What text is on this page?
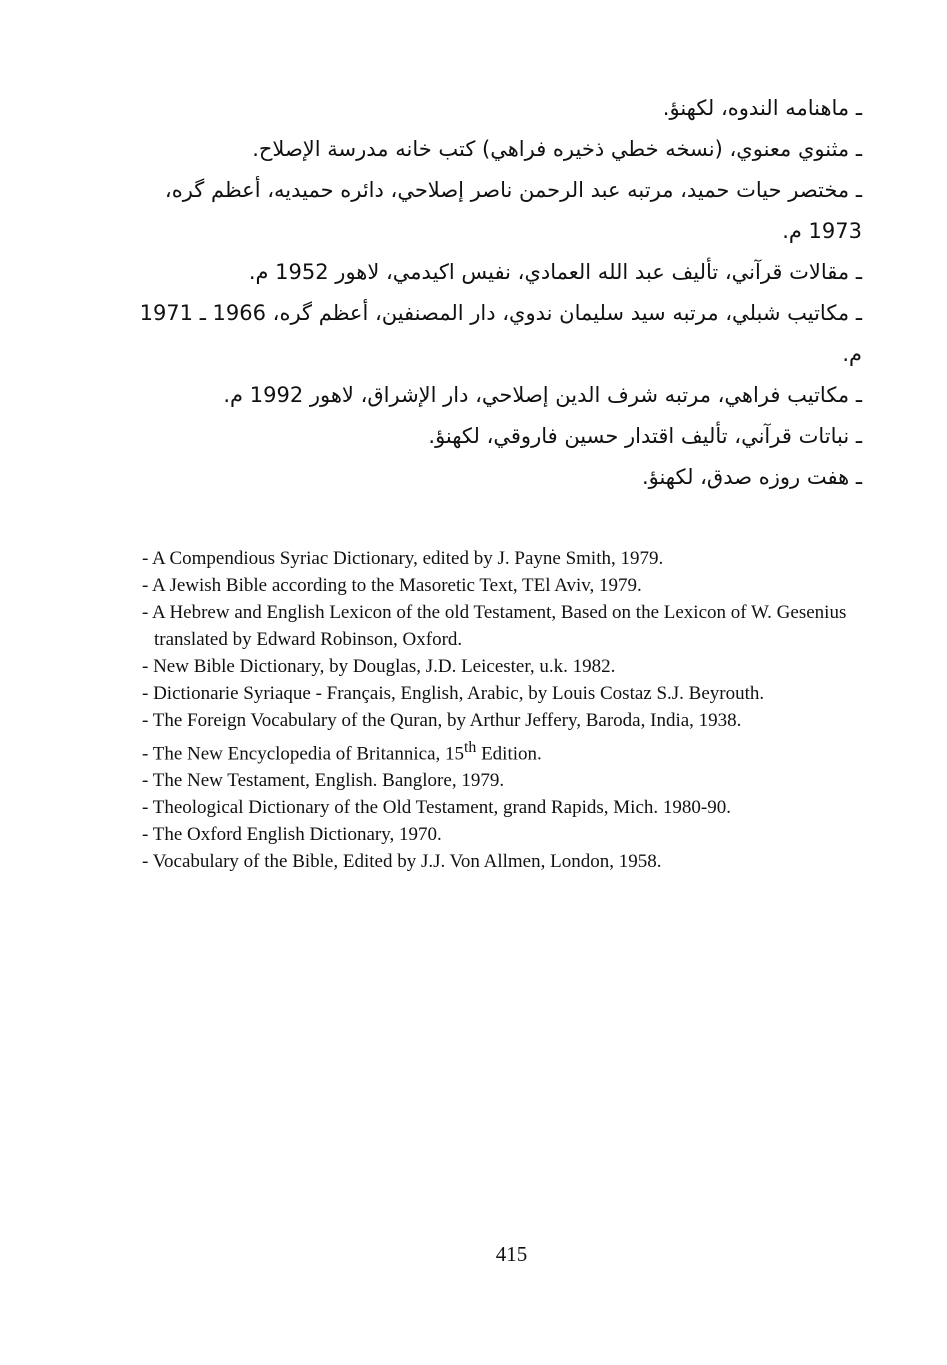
ـ ماهنامه الندوه، لكهنؤ.

ـ مثنوي معنوي، (نسخه خطي ذخيره فراهي) كتب خانه مدرسة الإصلاح.

ـ مختصر حيات حميد، مرتبه عبد الرحمن ناصر إصلاحي، دائره حميديه، أعظم گره، 1973 م.

ـ مقالات قرآني، تأليف عبد الله العمادي، نفيس اكيدمي، لاهور 1952 م.

ـ مكاتيب شبلي، مرتبه سيد سليمان ندوي، دار المصنفين، أعظم گره، 1966 ـ 1971 م.

ـ مكاتيب فراهي، مرتبه شرف الدين إصلاحي، دار الإشراق، لاهور 1992 م.

ـ نباتات قرآني، تأليف اقتدار حسين فاروقي، لكهنؤ.

ـ هفت روزه صدق، لكهنؤ.

- A Compendious Syriac Dictionary, edited by J. Payne Smith, 1979.

- A Jewish Bible according to the Masoretic Text, TEl Aviv, 1979.

- A Hebrew and English Lexicon of the old Testament, Based on the Lexicon of W. Gesenius translated by Edward Robinson, Oxford.

- New Bible Dictionary, by Douglas, J.D. Leicester, u.k. 1982.

- Dictionarie Syriaque - Français, English, Arabic, by Louis Costaz S.J. Beyrouth.

- The Foreign Vocabulary of the Quran, by Arthur Jeffery, Baroda, India, 1938.

- The New Encyclopedia of Britannica, 15th Edition.

- The New Testament, English. Banglore, 1979.

- Theological Dictionary of the Old Testament, grand Rapids, Mich. 1980-90.

- The Oxford English Dictionary, 1970.

- Vocabulary of the Bible, Edited by J.J. Von Allmen, London, 1958.

415
